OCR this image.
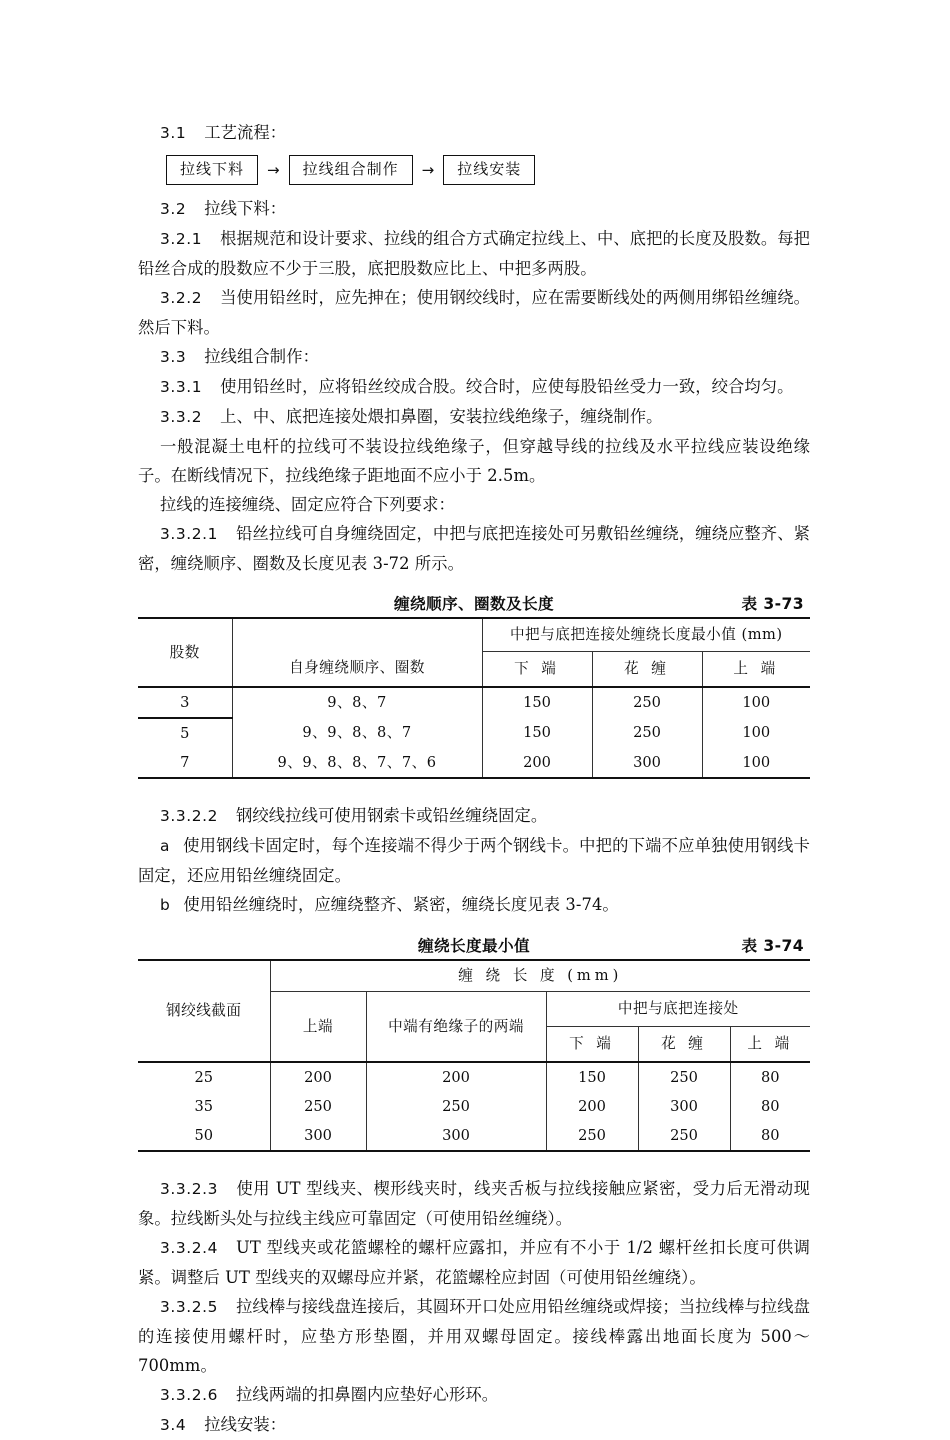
3.1 工艺流程：

拉线下料	→	拉线组合制作	→	拉线安装

3.2 拉线下料：

3.2.1 根据规范和设计要求、拉线的组合方式确定拉线上、中、底把的长度及股数。每把铅丝合成的股数应不少于三股，底把股数应比上、中把多两股。

3.2.2 当使用铅丝时，应先抻在；使用钢绞线时，应在需要断线处的两侧用绑铅丝缠绕。然后下料。

3.3 拉线组合制作：

3.3.1 使用铅丝时，应将铅丝绞成合股。绞合时，应使每股铅丝受力一致，绞合均匀。

3.3.2 上、中、底把连接处煨扣鼻圈，安装拉线绝缘子，缠绕制作。

一般混凝土电杆的拉线可不装设拉线绝缘子，但穿越导线的拉线及水平拉线应装设绝缘子。在断线情况下，拉线绝缘子距地面不应小于 2.5m。

拉线的连接缠绕、固定应符合下列要求：

3.3.2.1 铅丝拉线可自身缠绕固定，中把与底把连接处可另敷铅丝缠绕，缠绕应整齐、紧密，缠绕顺序、圈数及长度见表 3-72 所示。

缠绕顺序、圈数及长度	表 3-73
股数	自身缠绕顺序、圈数	中把与底把连接处缠绕长度最小值 (mm)		
		下 端	花 缠	上 端
3	9、8、7	150	250	100
5	9、9、8、8、7	150	250	100
7	9、9、8、8、7、7、6	200	300	100

3.3.2.2 钢绞线拉线可使用钢索卡或铅丝缠绕固定。

a 使用钢线卡固定时，每个连接端不得少于两个钢线卡。中把的下端不应单独使用钢线卡固定，还应用铅丝缠绕固定。

b 使用铅丝缠绕时，应缠绕整齐、紧密，缠绕长度见表 3-74。

缠绕长度最小值	表 3-74
钢绞线截面	缠 绕 长 度 (mm)				
	上端	中端有绝缘子的两端	中把与底把连接处		
			下 端	花 缠	上 端
25	200	200	150	250	80
35	250	250	200	300	80
50	300	300	250	250	80

3.3.2.3 使用 UT 型线夹、楔形线夹时，线夹舌板与拉线接触应紧密，受力后无滑动现象。拉线断头处与拉线主线应可靠固定（可使用铅丝缠绕）。

3.3.2.4 UT 型线夹或花篮螺栓的螺杆应露扣，并应有不小于 1/2 螺杆丝扣长度可供调紧。调整后 UT 型线夹的双螺母应并紧，花篮螺栓应封固（可使用铅丝缠绕）。

3.3.2.5 拉线棒与接线盘连接后，其圆环开口处应用铅丝缠绕或焊接；当拉线棒与拉线盘的连接使用螺杆时，应垫方形垫圈，并用双螺母固定。接线棒露出地面长度为 500～700mm。

3.3.2.6 拉线两端的扣鼻圈内应垫好心形环。

3.4 拉线安装：
